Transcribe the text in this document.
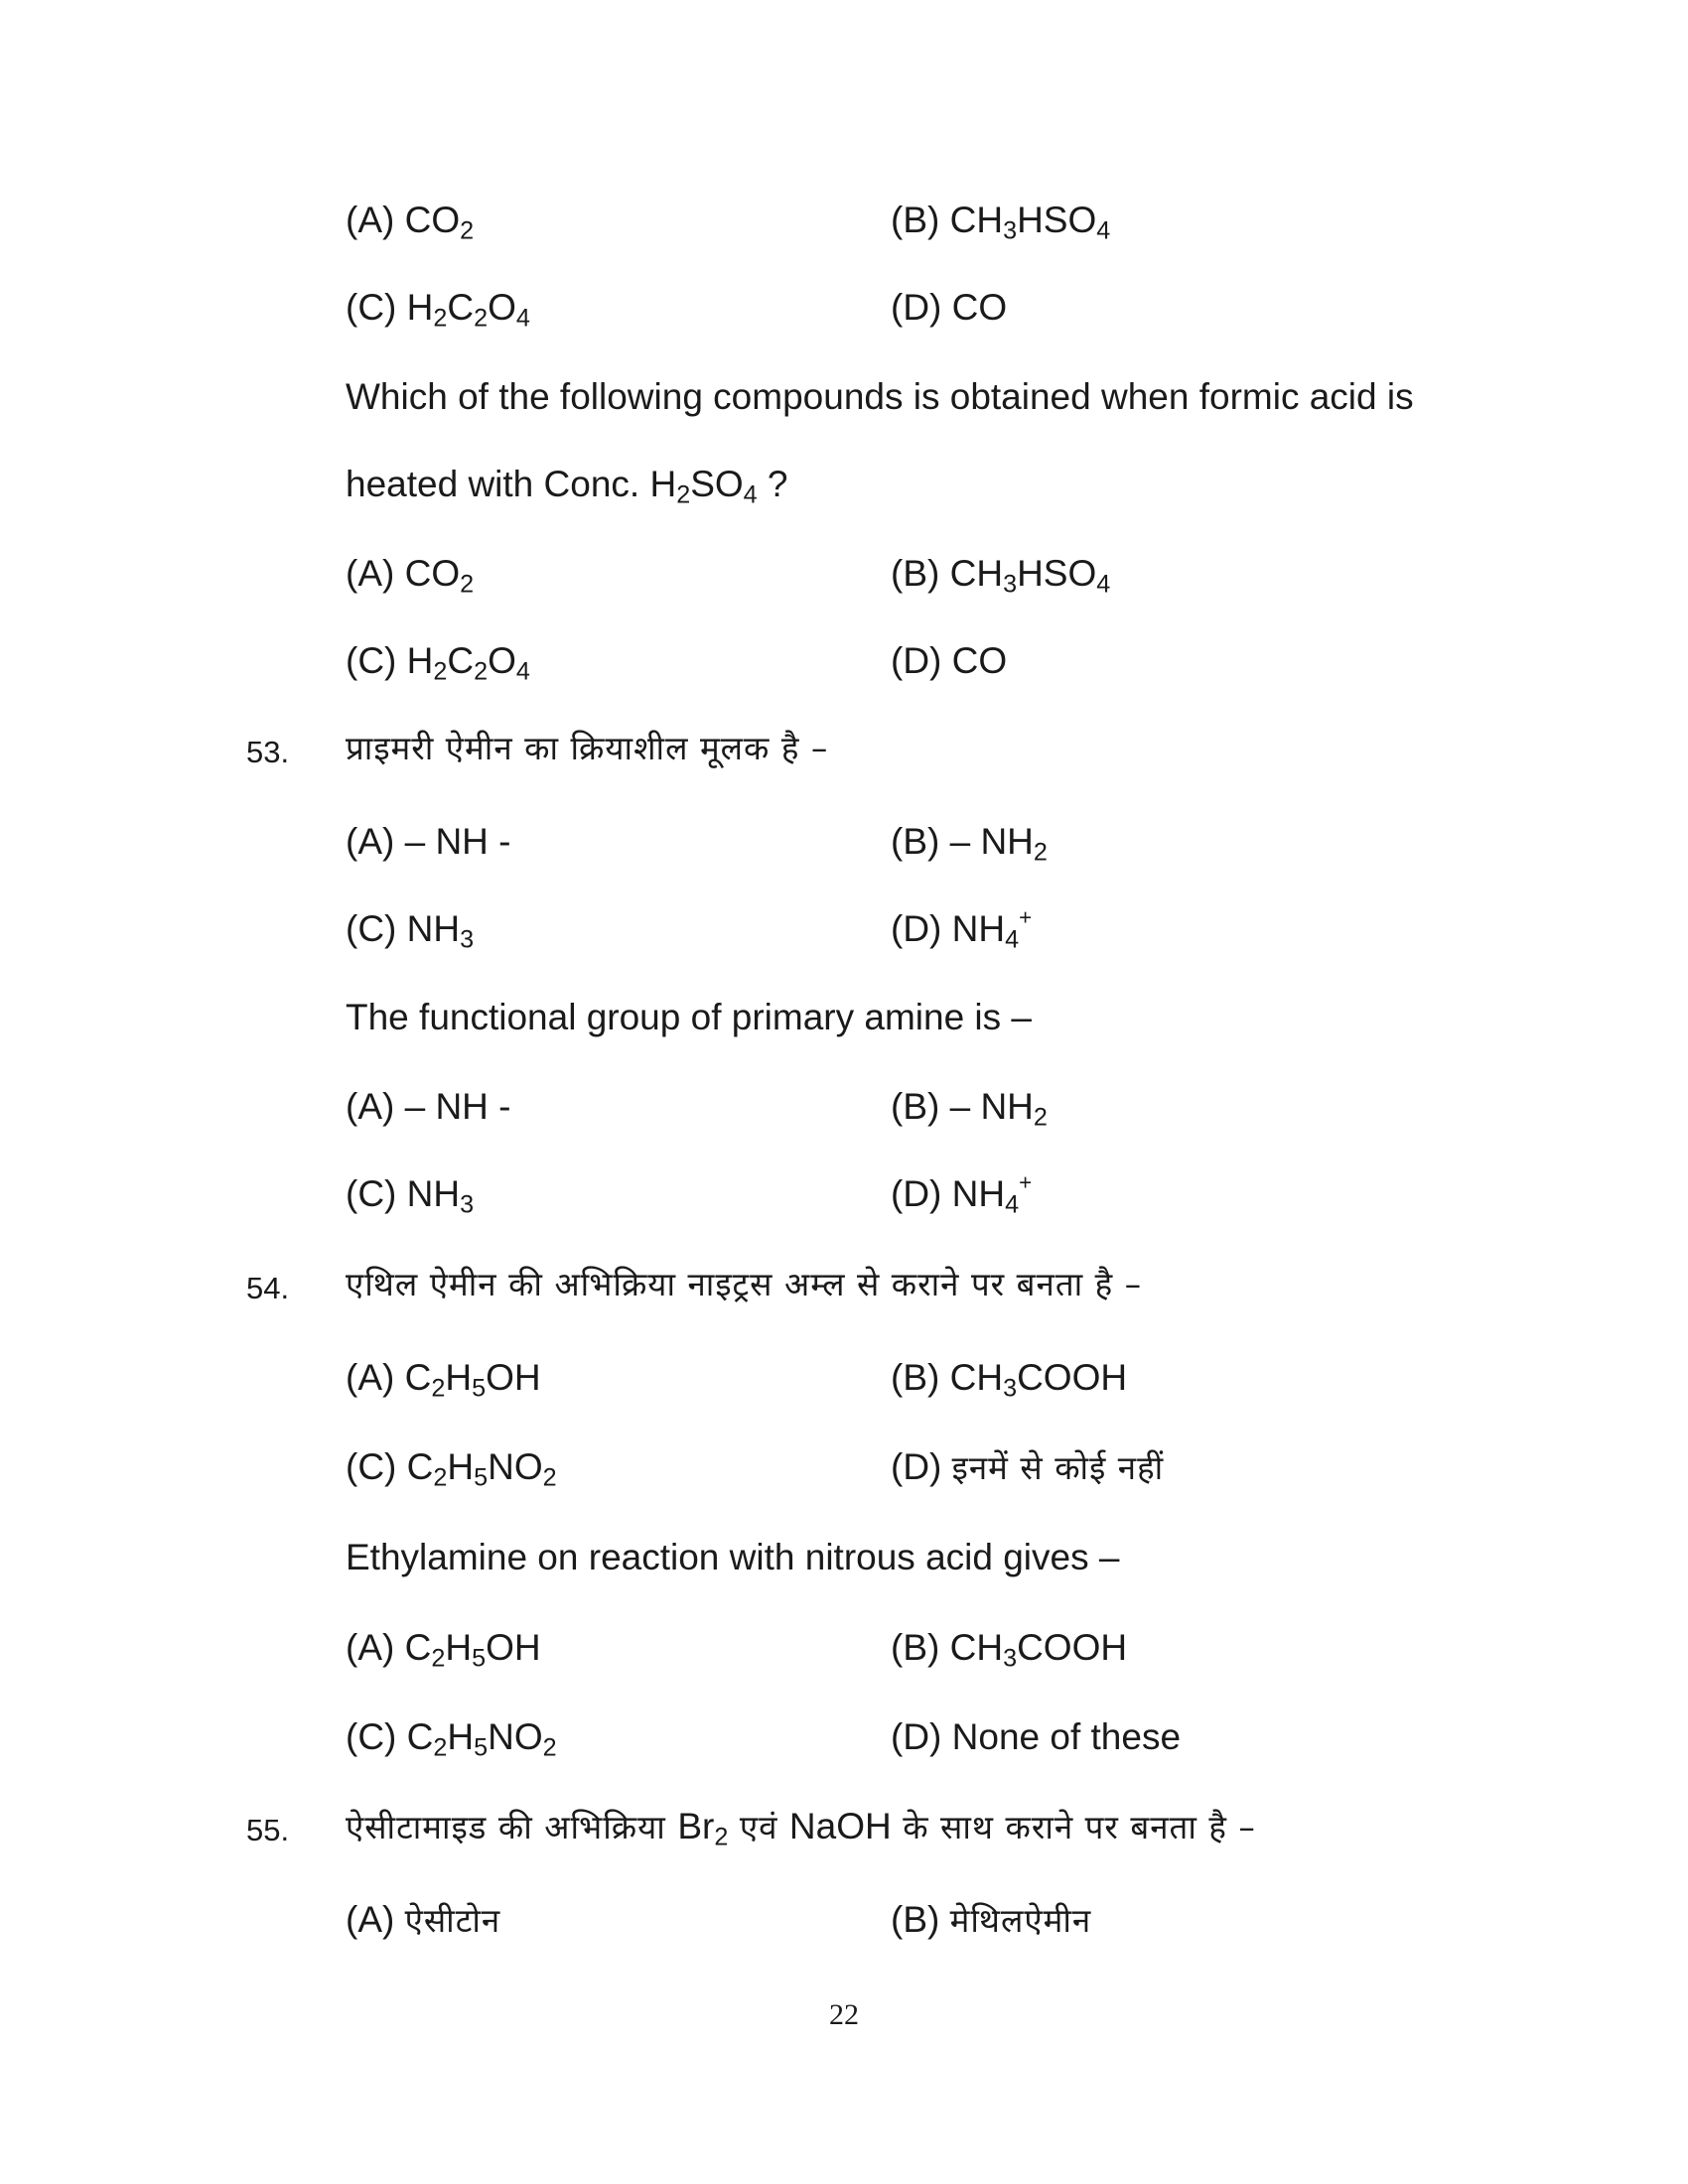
(A) $CO_2$	(B) $CH_3HSO_4$
(C) $H_2C_2O_4$	(D) CO
Which of the following compounds is obtained when formic acid is
heated with Conc. $H_2SO_4$ ?
(A) $CO_2$	(B) $CH_3HSO_4$
(C) $H_2C_2O_4$	(D) CO
53. प्राइमरी ऐमीन का क्रियाशील मूलक है –
(A) – NH -	$(B) - NH_2$
(C) $NH_3$	(D) $NH_4^+$
The functional group of primary amine is –
(A) – NH -	$(B) - NH_2$
(C) $NH_3$	(D) $NH_4^+$
54. एथिल ऐमीन की अभिक्रिया नाइट्रस अम्ल से कराने पर बनता है –
(A) $C_2H_5OH$	(B) $CH_3COOH$
(C) $C_2H_5NO_2$	(D) इनमें से कोई नहीं
Ethylamine on reaction with nitrous acid gives –
(A) $C_2H_5OH$	(B) $CH_3COOH$
(C) $C_2H_5NO_2$	(D) None of these
55. ऐसीटामाइड की अभिक्रिया $Br_2$ एवं NaOH के साथ कराने पर बनता है –
(A) ऐसीटोन	(B) मेथिलऐमीन
22
